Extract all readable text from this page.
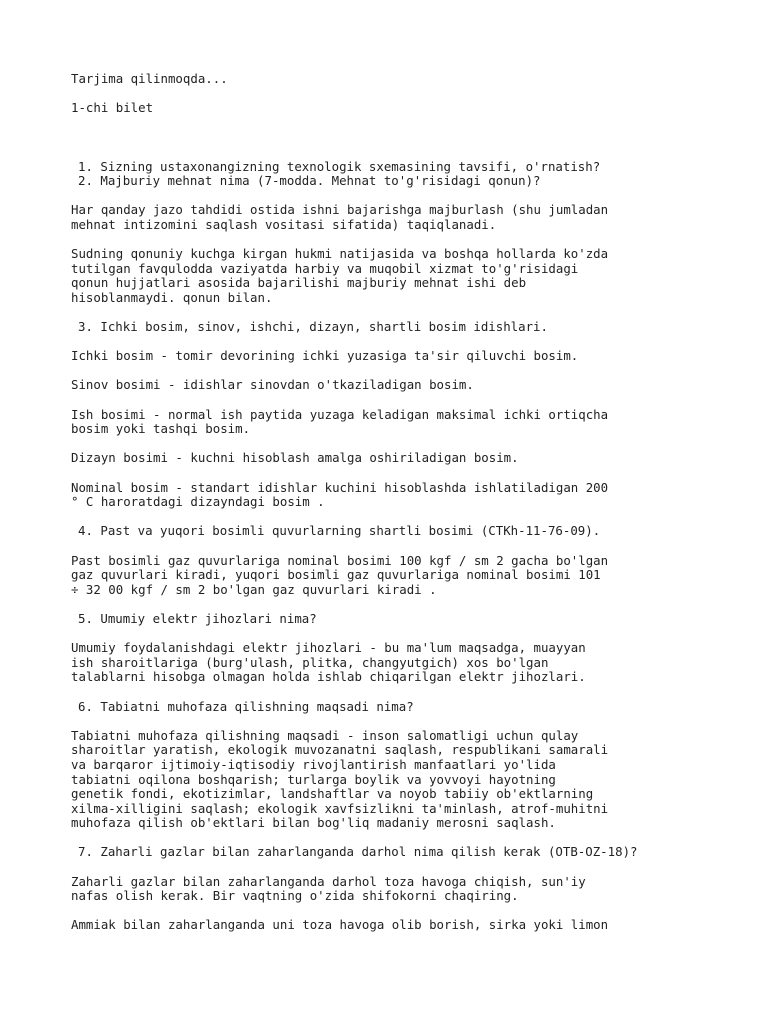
Tarjima qilinmoqda...
1-chi bilet
1. Sizning ustaxonangizning texnologik sxemasining tavsifi, o'rnatish?
2. Majburiy mehnat nima (7-modda. Mehnat to'g'risidagi qonun)?
Har qanday jazo tahdidi ostida ishni bajarishga majburlash (shu jumladan
mehnat intizomini saqlash vositasi sifatida) taqiqlanadi.
Sudning qonuniy kuchga kirgan hukmi natijasida va boshqa hollarda ko'zda
tutilgan favqulodda vaziyatda harbiy va muqobil xizmat to'g'risidagi
qonun hujjatlari asosida bajarilishi majburiy mehnat ishi deb
hisoblanmaydi. qonun bilan.
3. Ichki bosim, sinov, ishchi, dizayn, shartli bosim idishlari.
Ichki bosim - tomir devorining ichki yuzasiga ta'sir qiluvchi bosim.
Sinov bosimi - idishlar sinovdan o'tkaziladigan bosim.
Ish bosimi - normal ish paytida yuzaga keladigan maksimal ichki ortiqcha
bosim yoki tashqi bosim.
Dizayn bosimi - kuchni hisoblash amalga oshiriladigan bosim.
Nominal bosim - standart idishlar kuchini hisoblashda ishlatiladigan 200
° C haroratdagi dizayndagi bosim .
4. Past va yuqori bosimli quvurlarning shartli bosimi (CTKh-11-76-09).
Past bosimli gaz quvurlariga nominal bosimi 100 kgf / sm 2 gacha bo'lgan
gaz quvurlari kiradi, yuqori bosimli gaz quvurlariga nominal bosimi 101
÷ 32 00 kgf / sm 2 bo'lgan gaz quvurlari kiradi .
5. Umumiy elektr jihozlari nima?
Umumiy foydalanishdagi elektr jihozlari - bu ma'lum maqsadga, muayyan
ish sharoitlariga (burg'ulash, plitka, changyutgich) xos bo'lgan
talablarni hisobga olmagan holda ishlab chiqarilgan elektr jihozlari.
6. Tabiatni muhofaza qilishning maqsadi nima?
Tabiatni muhofaza qilishning maqsadi - inson salomatligi uchun qulay
sharoitlar yaratish, ekologik muvozanatni saqlash, respublikani samarali
va barqaror ijtimoiy-iqtisodiy rivojlantirish manfaatlari yo'lida
tabiatni oqilona boshqarish; turlarga boylik va yovvoyi hayotning
genetik fondi, ekotizimlar, landshaftlar va noyob tabiiy ob'ektlarning
xilma-xilligini saqlash; ekologik xavfsizlikni ta'minlash, atrof-muhitni
muhofaza qilish ob'ektlari bilan bog'liq madaniy merosni saqlash.
7. Zaharli gazlar bilan zaharlanganda darhol nima qilish kerak (OTB-OZ-18)?
Zaharli gazlar bilan zaharlanganda darhol toza havoga chiqish, sun'iy
nafas olish kerak. Bir vaqtning o'zida shifokorni chaqiring.
Ammiak bilan zaharlanganda uni toza havoga olib borish, sirka yoki limon
